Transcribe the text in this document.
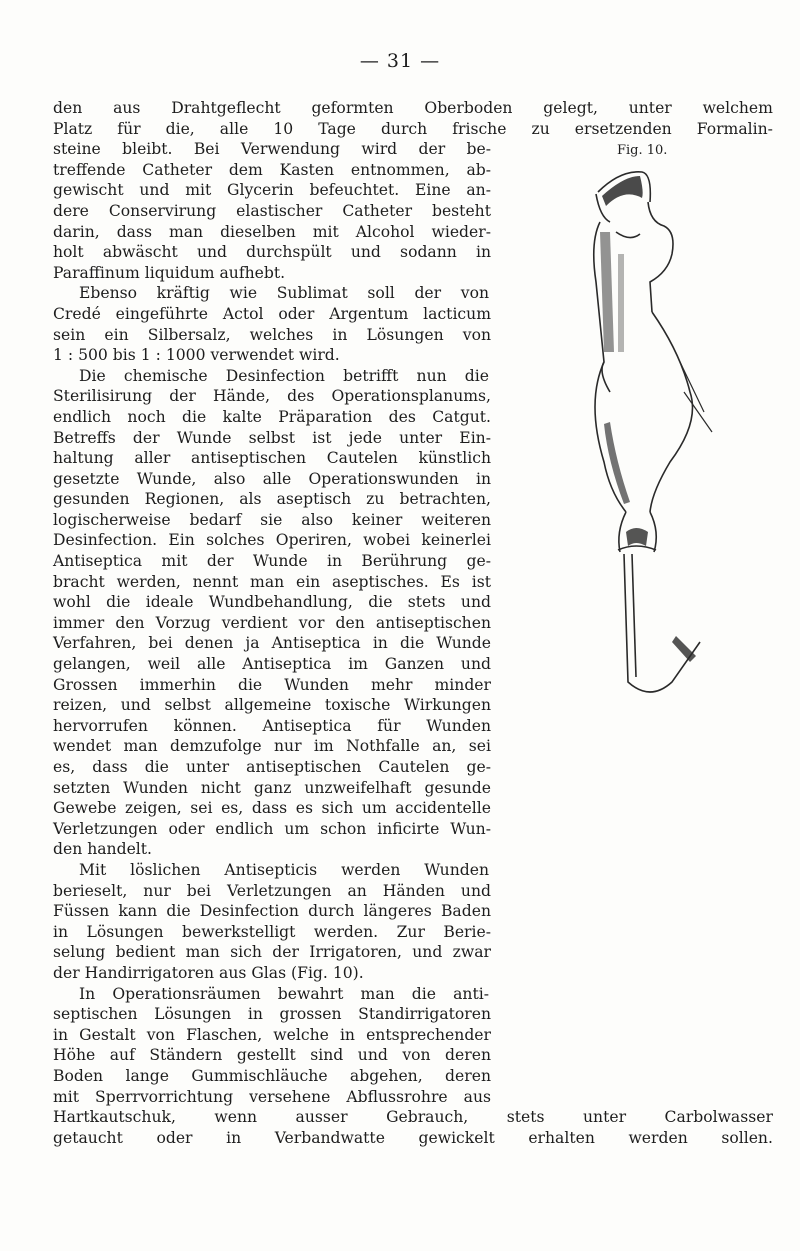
— 31 —
Fig. 10.
den aus Drahtgeflecht geformten Oberboden gelegt, unter welchem
Platz für die, alle 10 Tage durch frische zu ersetzenden Formalin-
steine bleibt. Bei Verwendung wird der be-
treffende Catheter dem Kasten entnommen, ab-
gewischt und mit Glycerin befeuchtet. Eine an-
dere Conservirung elastischer Catheter besteht
darin, dass man dieselben mit Alcohol wieder-
holt abwäscht und durchspült und sodann in
Paraffinum liquidum aufhebt.
Ebenso kräftig wie Sublimat soll der von
Credé eingeführte Actol oder Argentum lacticum
sein ein Silbersalz, welches in Lösungen von
1 : 500 bis 1 : 1000 verwendet wird.
Die chemische Desinfection betrifft nun die
Sterilisirung der Hände, des Operationsplanums,
endlich noch die kalte Präparation des Catgut.
Betreffs der Wunde selbst ist jede unter Ein-
haltung aller antiseptischen Cautelen künstlich
gesetzte Wunde, also alle Operationswunden in
gesunden Regionen, als aseptisch zu betrachten,
logischerweise bedarf sie also keiner weiteren
Desinfection. Ein solches Operiren, wobei keinerlei
Antiseptica mit der Wunde in Berührung ge-
bracht werden, nennt man ein aseptisches. Es ist
wohl die ideale Wundbehandlung, die stets und
immer den Vorzug verdient vor den antiseptischen
Verfahren, bei denen ja Antiseptica in die Wunde
gelangen, weil alle Antiseptica im Ganzen und
Grossen immerhin die Wunden mehr minder
reizen, und selbst allgemeine toxische Wirkungen
hervorrufen können. Antiseptica für Wunden
wendet man demzufolge nur im Nothfalle an, sei
es, dass die unter antiseptischen Cautelen ge-
setzten Wunden nicht ganz unzweifelhaft gesunde
Gewebe zeigen, sei es, dass es sich um accidentelle
Verletzungen oder endlich um schon inficirte Wun-
den handelt.
Mit löslichen Antisepticis werden Wunden
berieselt, nur bei Verletzungen an Händen und
Füssen kann die Desinfection durch längeres Baden
in Lösungen bewerkstelligt werden. Zur Berie-
selung bedient man sich der Irrigatoren, und zwar
der Handirrigatoren aus Glas (Fig. 10).
In Operationsräumen bewahrt man die anti-
septischen Lösungen in grossen Standirrigatoren
in Gestalt von Flaschen, welche in entsprechender
Höhe auf Ständern gestellt sind und von deren
Boden lange Gummischläuche abgehen, deren
mit Sperrvorrichtung versehene Abflussrohre aus
Hartkautschuk, wenn ausser Gebrauch, stets unter Carbolwasser
getaucht oder in Verbandwatte gewickelt erhalten werden sollen.
